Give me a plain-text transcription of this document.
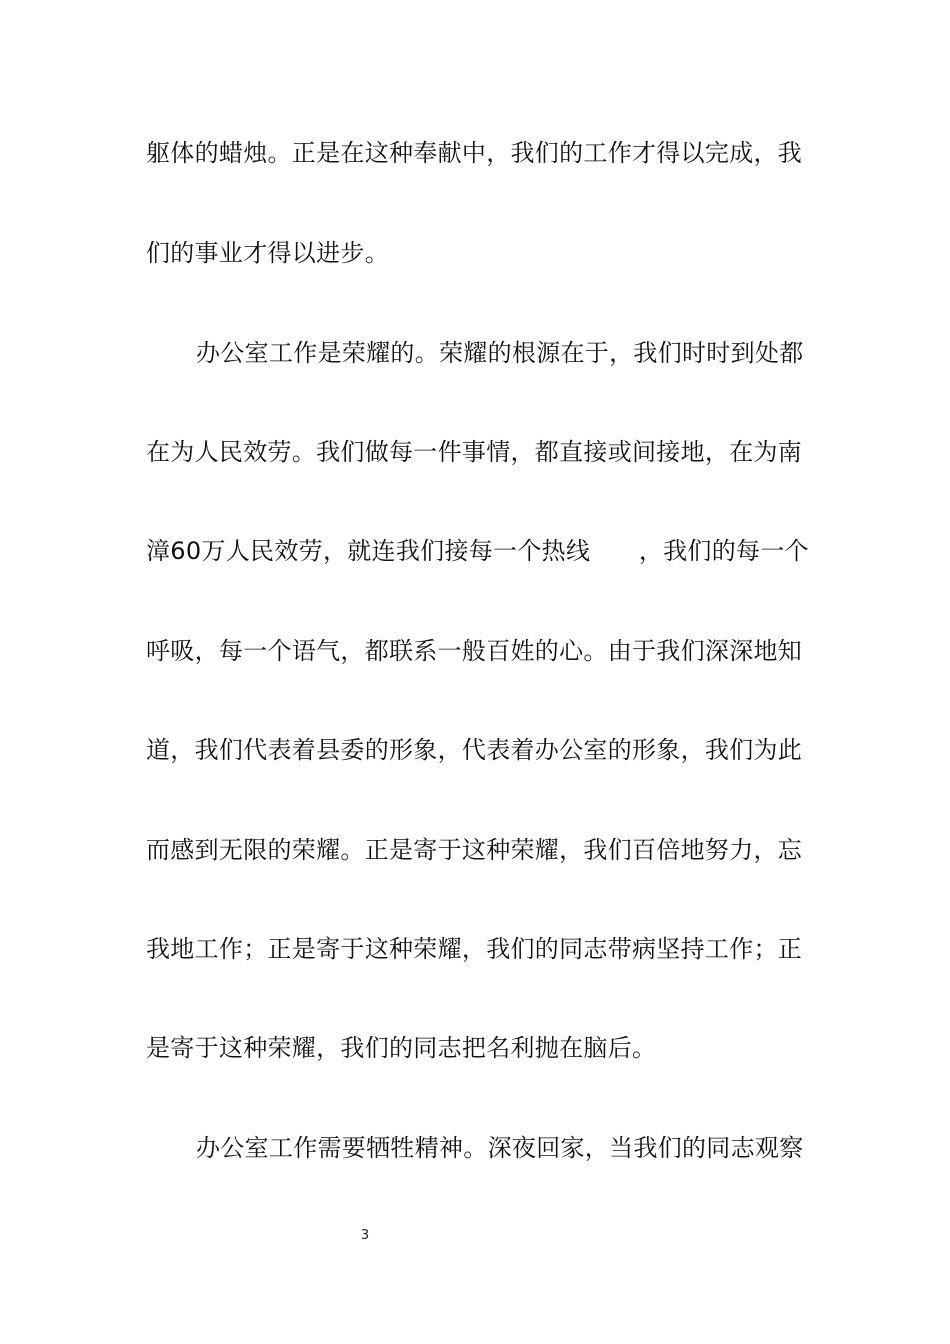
躯体的蜡烛。正是在这种奉献中，我们的工作才得以完成，我
们的事业才得以进步。
办公室工作是荣耀的。荣耀的根源在于，我们时时到处都
在为人民效劳。我们做每一件事情，都直接或间接地，在为南
漳60万人民效劳，就连我们接每一个热线　　，我们的每一个
呼吸，每一个语气，都联系一般百姓的心。由于我们深深地知
道，我们代表着县委的形象，代表着办公室的形象，我们为此
而感到无限的荣耀。正是寄于这种荣耀，我们百倍地努力，忘
我地工作；正是寄于这种荣耀，我们的同志带病坚持工作；正
是寄于这种荣耀，我们的同志把名利抛在脑后。
办公室工作需要牺牲精神。深夜回家，当我们的同志观察
3
